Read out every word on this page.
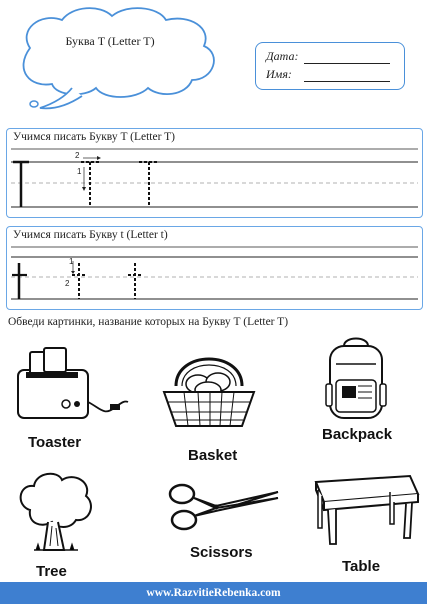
Буква T (Letter T)
Дата:
Имя:
Учимся писать Букву T (Letter T)
2
1
Учимся писать Букву t (Letter t)
1
2
Обведи картинки, название которых на Букву T (Letter T)
Toaster
Basket
Backpack
Tree
Scissors
Table
www.RazvitieRebenka.com
